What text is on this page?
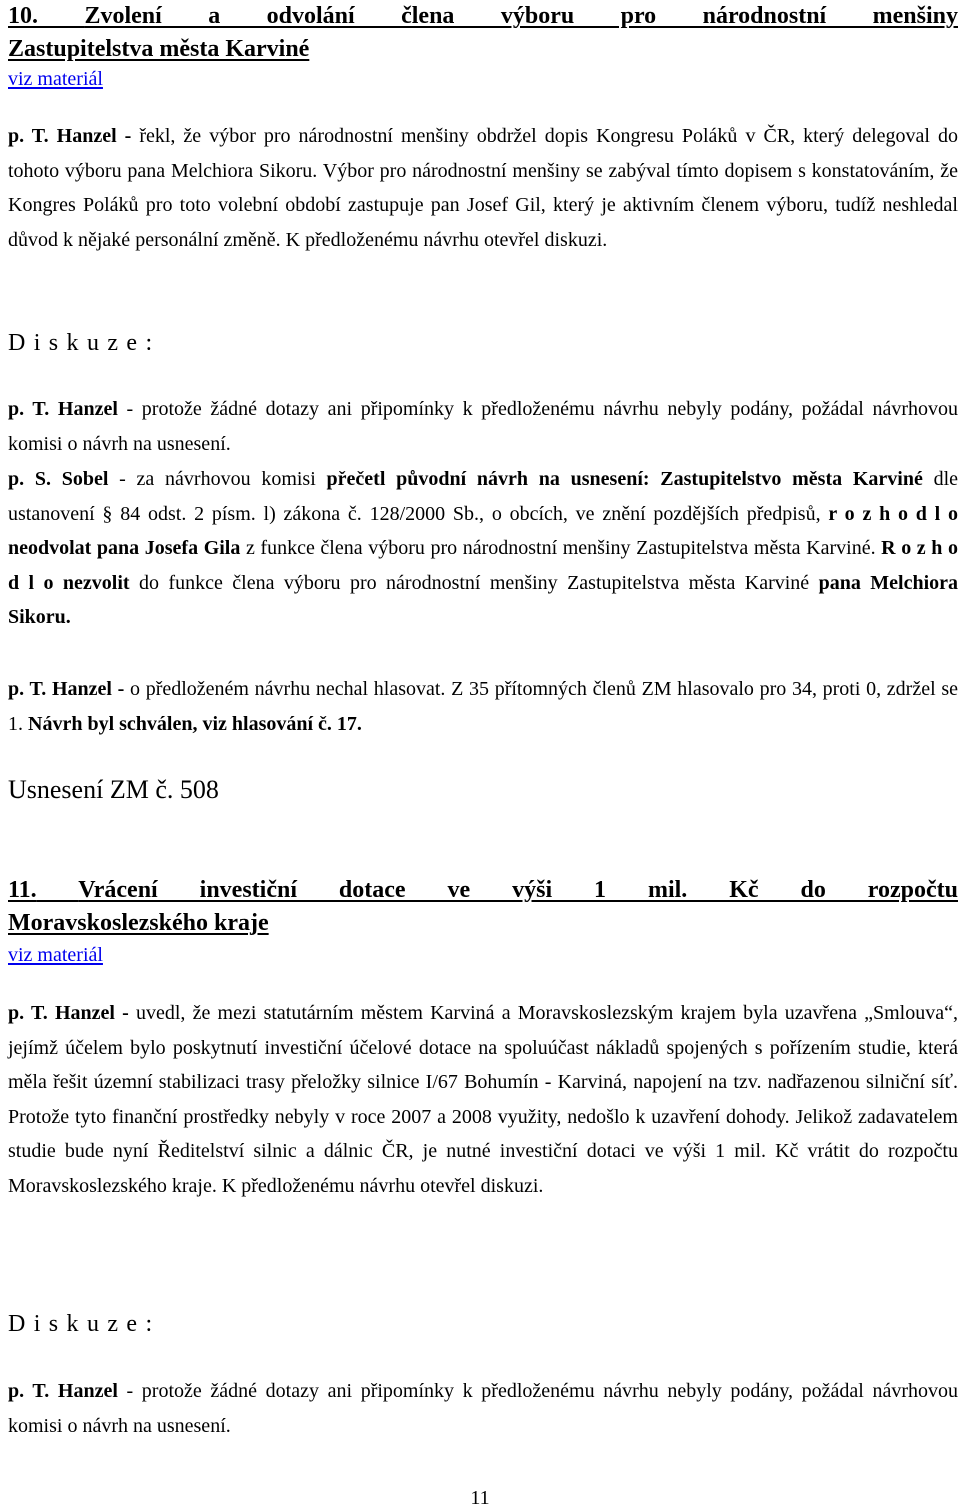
10. Zvolení a odvolání člena výboru pro národnostní menšiny
Zastupitelstva města Karviné
viz materiál

p. T. Hanzel - řekl, že výbor pro národnostní menšiny obdržel dopis Kongresu Poláků v ČR, který delegoval do tohoto výboru pana Melchiora Sikoru. Výbor pro národnostní menšiny se zabýval tímto dopisem s konstatováním, že Kongres Poláků pro toto volební období zastupuje pan Josef Gil, který je aktivním členem výboru, tudíž neshledal důvod k nějaké personální změně. K předloženému návrhu otevřel diskuzi.

Diskuze:

p. T. Hanzel - protože žádné dotazy ani připomínky k předloženému návrhu nebyly podány, požádal návrhovou komisi o návrh na usnesení.

p. S. Sobel - za návrhovou komisi přečetl původní návrh na usnesení: Zastupitelstvo města Karviné dle ustanovení § 84 odst. 2 písm. l) zákona č. 128/2000 Sb., o obcích, ve znění pozdějších předpisů, r o z h o d l o neodvolat pana Josefa Gila z funkce člena výboru pro národnostní menšiny Zastupitelstva města Karviné. R o z h o d l o nezvolit do funkce člena výboru pro národnostní menšiny Zastupitelstva města Karviné pana Melchiora Sikoru.

p. T. Hanzel - o předloženém návrhu nechal hlasovat. Z 35 přítomných členů ZM hlasovalo pro 34, proti 0, zdržel se 1. Návrh byl schválen, viz hlasování č. 17.

Usnesení ZM č. 508
11. Vrácení investiční dotace ve výši 1 mil. Kč do rozpočtu
Moravskoslezského kraje
viz materiál

p. T. Hanzel - uvedl, že mezi statutárním městem Karviná a Moravskoslezským krajem byla uzavřena „Smlouva“, jejímž účelem bylo poskytnutí investiční účelové dotace na spoluúčast nákladů spojených s pořízením studie, která měla řešit územní stabilizaci trasy přeložky silnice I/67 Bohumín - Karviná, napojení na tzv. nadřazenou silniční síť. Protože tyto finanční prostředky nebyly v roce 2007 a 2008 využity, nedošlo k uzavření dohody. Jelikož zadavatelem studie bude nyní Ředitelství silnic a dálnic ČR, je nutné investiční dotaci ve výši 1 mil. Kč vrátit do rozpočtu Moravskoslezského kraje. K předloženému návrhu otevřel diskuzi.

Diskuze:

p. T. Hanzel - protože žádné dotazy ani připomínky k předloženému návrhu nebyly podány, požádal návrhovou komisi o návrh na usnesení.

11
